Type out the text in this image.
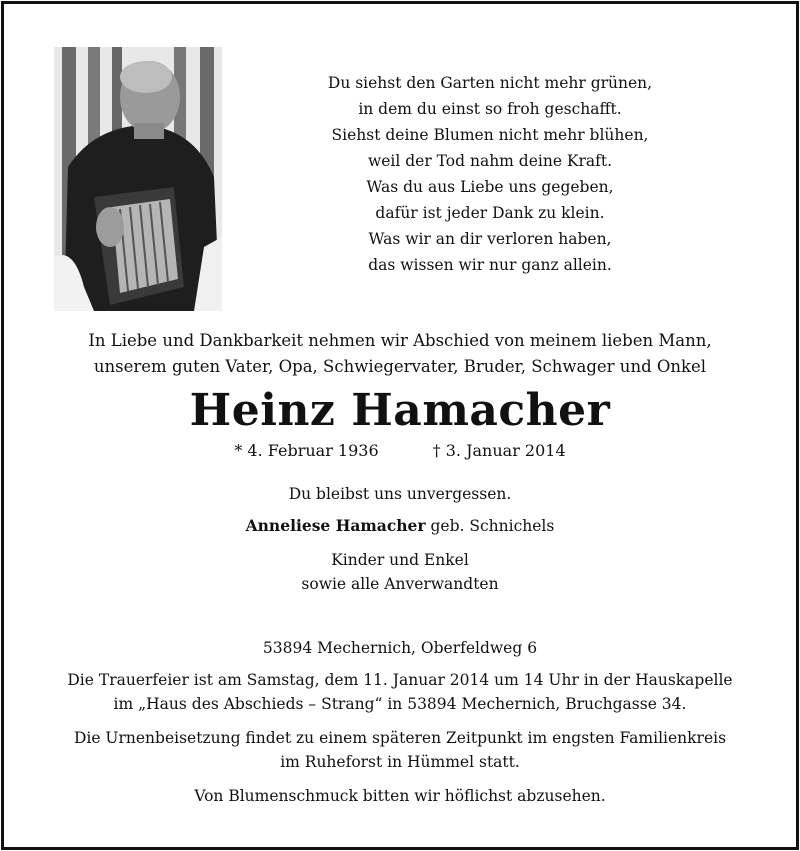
Du siehst den Garten nicht mehr grünen,
in dem du einst so froh geschafft.
Siehst deine Blumen nicht mehr blühen,
weil der Tod nahm deine Kraft.
Was du aus Liebe uns gegeben,
dafür ist jeder Dank zu klein.
Was wir an dir verloren haben,
das wissen wir nur ganz allein.
In Liebe und Dankbarkeit nehmen wir Abschied von meinem lieben Mann,
unserem guten Vater, Opa, Schwiegervater, Bruder, Schwager und Onkel
Heinz Hamacher
* 4. Februar 1936	† 3. Januar 2014
Du bleibst uns unvergessen.
Anneliese Hamacher geb. Schnichels
Kinder und Enkel
sowie alle Anverwandten
53894 Mechernich, Oberfeldweg 6
Die Trauerfeier ist am Samstag, dem 11. Januar 2014 um 14 Uhr in der Hauskapelle
im „Haus des Abschieds – Strang“ in 53894 Mechernich, Bruchgasse 34.
Die Urnenbeisetzung findet zu einem späteren Zeitpunkt im engsten Familienkreis
im Ruheforst in Hümmel statt.
Von Blumenschmuck bitten wir höflichst abzusehen.
